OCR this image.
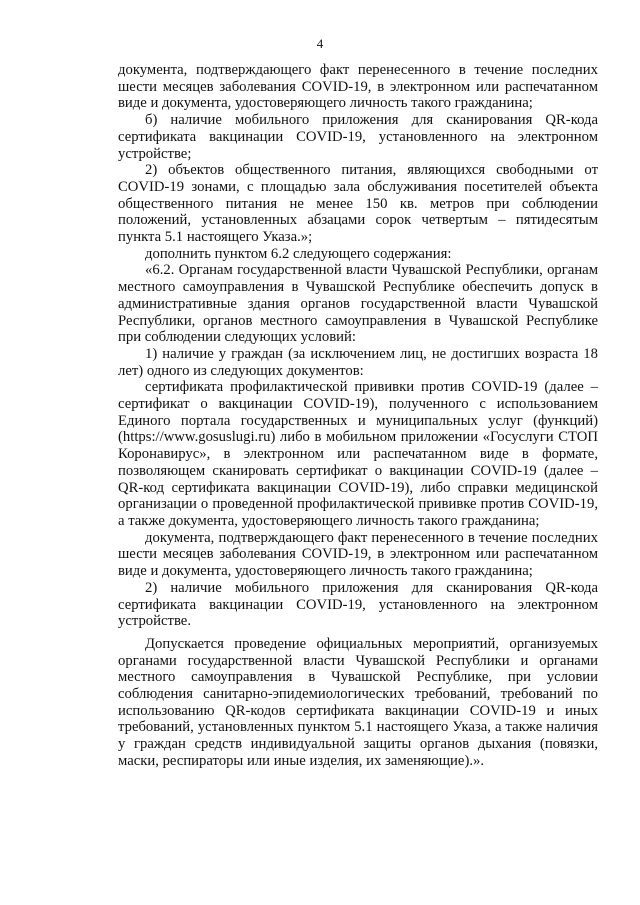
4

документа, подтверждающего факт перенесенного в течение последних шести месяцев заболевания COVID-19, в электронном или распечатанном виде и документа, удостоверяющего личность такого гражданина;

б) наличие мобильного приложения для сканирования QR-кода сертификата вакцинации COVID-19, установленного на электронном устройстве;

2) объектов общественного питания, являющихся свободными от COVID-19 зонами, с площадью зала обслуживания посетителей объекта общественного питания не менее 150 кв. метров при соблюдении положений, установленных абзацами сорок четвертым – пятидесятым пункта 5.1 настоящего Указа.»;

дополнить пунктом 6.2 следующего содержания:

«6.2. Органам государственной власти Чувашской Республики, органам местного самоуправления в Чувашской Республике обеспечить допуск в административные здания органов государственной власти Чувашской Республики, органов местного самоуправления в Чувашской Республике при соблюдении следующих условий:

1) наличие у граждан (за исключением лиц, не достигших возраста 18 лет) одного из следующих документов:

сертификата профилактической прививки против COVID-19 (далее – сертификат о вакцинации COVID-19), полученного с использованием Единого портала государственных и муниципальных услуг (функций) (https://www.gosuslugi.ru) либо в мобильном приложении «Госуслуги СТОП Коронавирус», в электронном или распечатанном виде в формате, позволяющем сканировать сертификат о вакцинации COVID-19 (далее – QR-код сертификата вакцинации COVID-19), либо справки медицинской организации о проведенной профилактической прививке против COVID-19, а также документа, удостоверяющего личность такого гражданина;

документа, подтверждающего факт перенесенного в течение последних шести месяцев заболевания COVID-19, в электронном или распечатанном виде и документа, удостоверяющего личность такого гражданина;

2) наличие мобильного приложения для сканирования QR-кода сертификата вакцинации COVID-19, установленного на электронном устройстве.

Допускается проведение официальных мероприятий, организуемых органами государственной власти Чувашской Республики и органами местного самоуправления в Чувашской Республике, при условии соблюдения санитарно-эпидемиологических требований, требований по использованию QR-кодов сертификата вакцинации COVID-19 и иных требований, установленных пунктом 5.1 настоящего Указа, а также наличия у граждан средств индивидуальной защиты органов дыхания (повязки, маски, респираторы или иные изделия, их заменяющие).».
